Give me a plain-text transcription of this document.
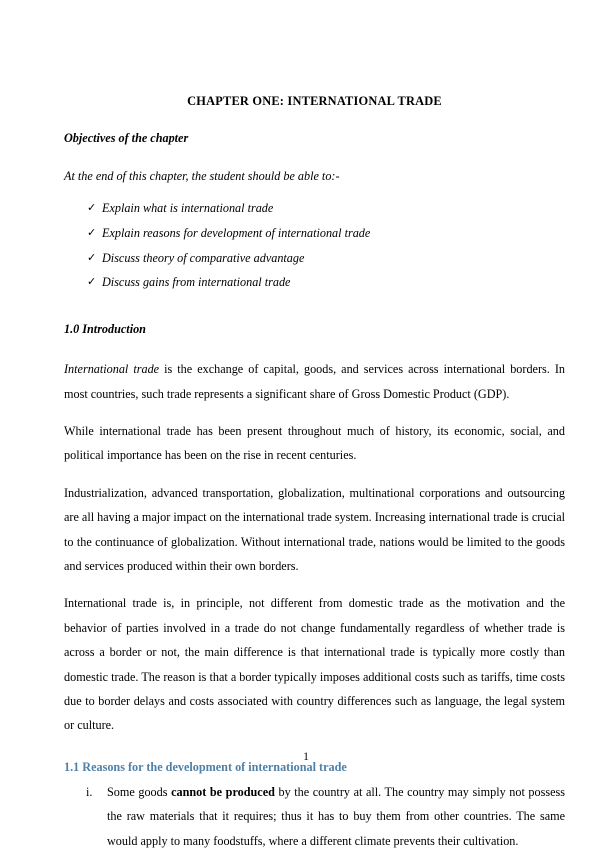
CHAPTER ONE: INTERNATIONAL TRADE
Objectives of the chapter

At the end of this chapter, the student should be able to:-

✓ Explain what is international trade
✓ Explain reasons for development of international trade
✓ Discuss theory of comparative advantage
✓ Discuss gains from international trade
1.0 Introduction

International trade is the exchange of capital, goods, and services across international borders. In most countries, such trade represents a significant share of Gross Domestic Product (GDP).

While international trade has been present throughout much of history, its economic, social, and political importance has been on the rise in recent centuries.

Industrialization, advanced transportation, globalization, multinational corporations and outsourcing are all having a major impact on the international trade system. Increasing international trade is crucial to the continuance of globalization. Without international trade, nations would be limited to the goods and services produced within their own borders.

International trade is, in principle, not different from domestic trade as the motivation and the behavior of parties involved in a trade do not change fundamentally regardless of whether trade is across a border or not, the main difference is that international trade is typically more costly than domestic trade. The reason is that a border typically imposes additional costs such as tariffs, time costs due to border delays and costs associated with country differences such as language, the legal system or culture.

1.1 Reasons for the development of international trade
i. Some goods cannot be produced by the country at all. The country may simply not possess the raw materials that it requires; thus it has to buy them from other countries. The same would apply to many foodstuffs, where a different climate prevents their cultivation.
1
